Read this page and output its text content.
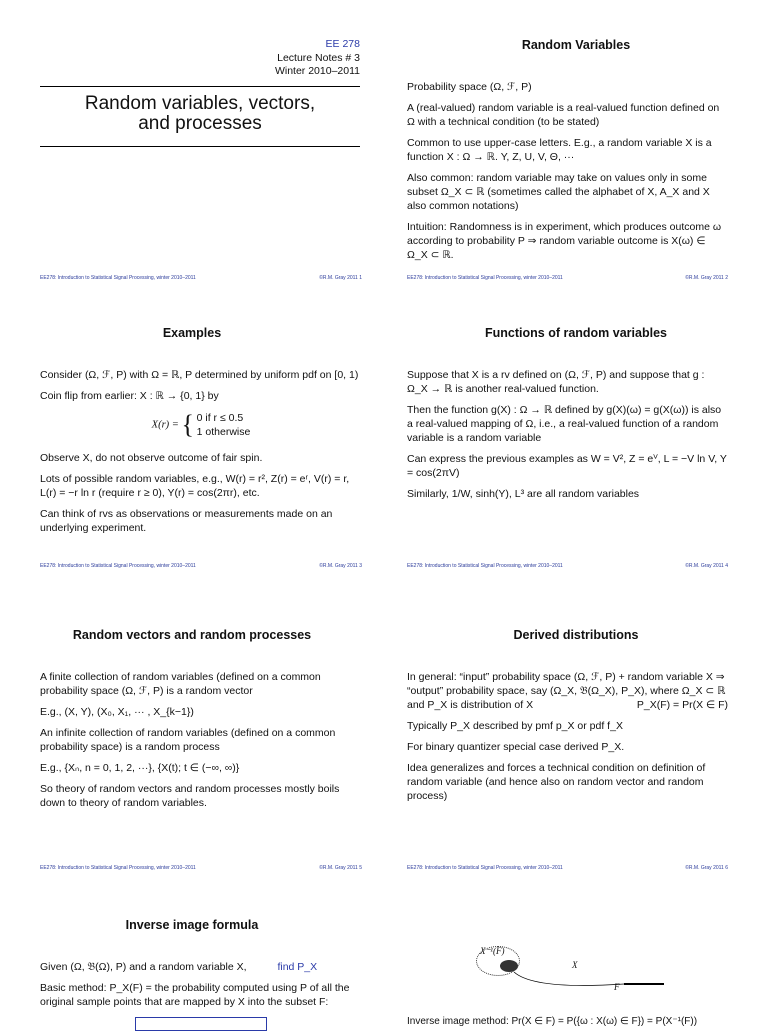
EE 278
Lecture Notes # 3
Winter 2010–2011
Random variables, vectors,
and processes
EE278: Introduction to Statistical Signal Processing, winter 2010–2011	©R.M. Gray 2011 1
Random Variables

Probability space (Ω, ℱ, P)

A (real-valued) random variable is a real-valued function defined on Ω with a technical condition (to be stated)

Common to use upper-case letters. E.g., a random variable X is a function X : Ω → ℝ. Y, Z, U, V, Θ, ···

Also common: random variable may take on values only in some subset Ω_X ⊂ ℝ (sometimes called the alphabet of X, A_X and X also common notations)

Intuition: Randomness is in experiment, which produces outcome ω according to probability P ⇒ random variable outcome is X(ω) ∈ Ω_X ⊂ ℝ.

EE278: Introduction to Statistical Signal Processing, winter 2010–2011	©R.M. Gray 2011 2
Examples

Consider (Ω, ℱ, P) with Ω = ℝ, P determined by uniform pdf on [0, 1)

Coin flip from earlier: X : ℝ → {0, 1} by

X(r) = { 0 if r ≤ 0.5
1 otherwise

Observe X, do not observe outcome of fair spin.

Lots of possible random variables, e.g., W(r) = r², Z(r) = eʳ, V(r) = r, L(r) = −r ln r (require r ≥ 0), Y(r) = cos(2πr), etc.

Can think of rvs as observations or measurements made on an underlying experiment.

EE278: Introduction to Statistical Signal Processing, winter 2010–2011	©R.M. Gray 2011 3
Functions of random variables

Suppose that X is a rv defined on (Ω, ℱ, P) and suppose that g : Ω_X → ℝ is another real-valued function.

Then the function g(X) : Ω → ℝ defined by g(X)(ω) = g(X(ω)) is also a real-valued mapping of Ω, i.e., a real-valued function of a random variable is a random variable

Can express the previous examples as W = V², Z = eⱽ, L = −V ln V, Y = cos(2πV)

Similarly, 1/W, sinh(Y), L³ are all random variables

EE278: Introduction to Statistical Signal Processing, winter 2010–2011	©R.M. Gray 2011 4
Random vectors and random processes

A finite collection of random variables (defined on a common probability space (Ω, ℱ, P) is a random vector

E.g., (X, Y), (X₀, X₁, ··· , X_{k−1})

An infinite collection of random variables (defined on a common probability space) is a random process

E.g., {Xₙ, n = 0, 1, 2, ···}, {X(t); t ∈ (−∞, ∞)}

So theory of random vectors and random processes mostly boils down to theory of random variables.

EE278: Introduction to Statistical Signal Processing, winter 2010–2011	©R.M. Gray 2011 5
Derived distributions

In general: “input” probability space (Ω, ℱ, P) + random variable X ⇒ “output” probability space, say (Ω_X, 𝔅(Ω_X), P_X), where Ω_X ⊂ ℝ and P_X is distribution of X	P_X(F) = Pr(X ∈ F)

Typically P_X described by pmf p_X or pdf f_X

For binary quantizer special case derived P_X.

Idea generalizes and forces a technical condition on definition of random variable (and hence also on random vector and random process)

EE278: Introduction to Statistical Signal Processing, winter 2010–2011	©R.M. Gray 2011 6
Inverse image formula

Given (Ω, 𝔅(Ω), P) and a random variable X,	find P_X

Basic method: P_X(F) = the probability computed using P of all the original sample points that are mapped by X into the subset F:

X⁻¹(F)
X
F
Inverse image method: Pr(X ∈ F) = P({ω : X(ω) ∈ F}) = P(X⁻¹(F))
